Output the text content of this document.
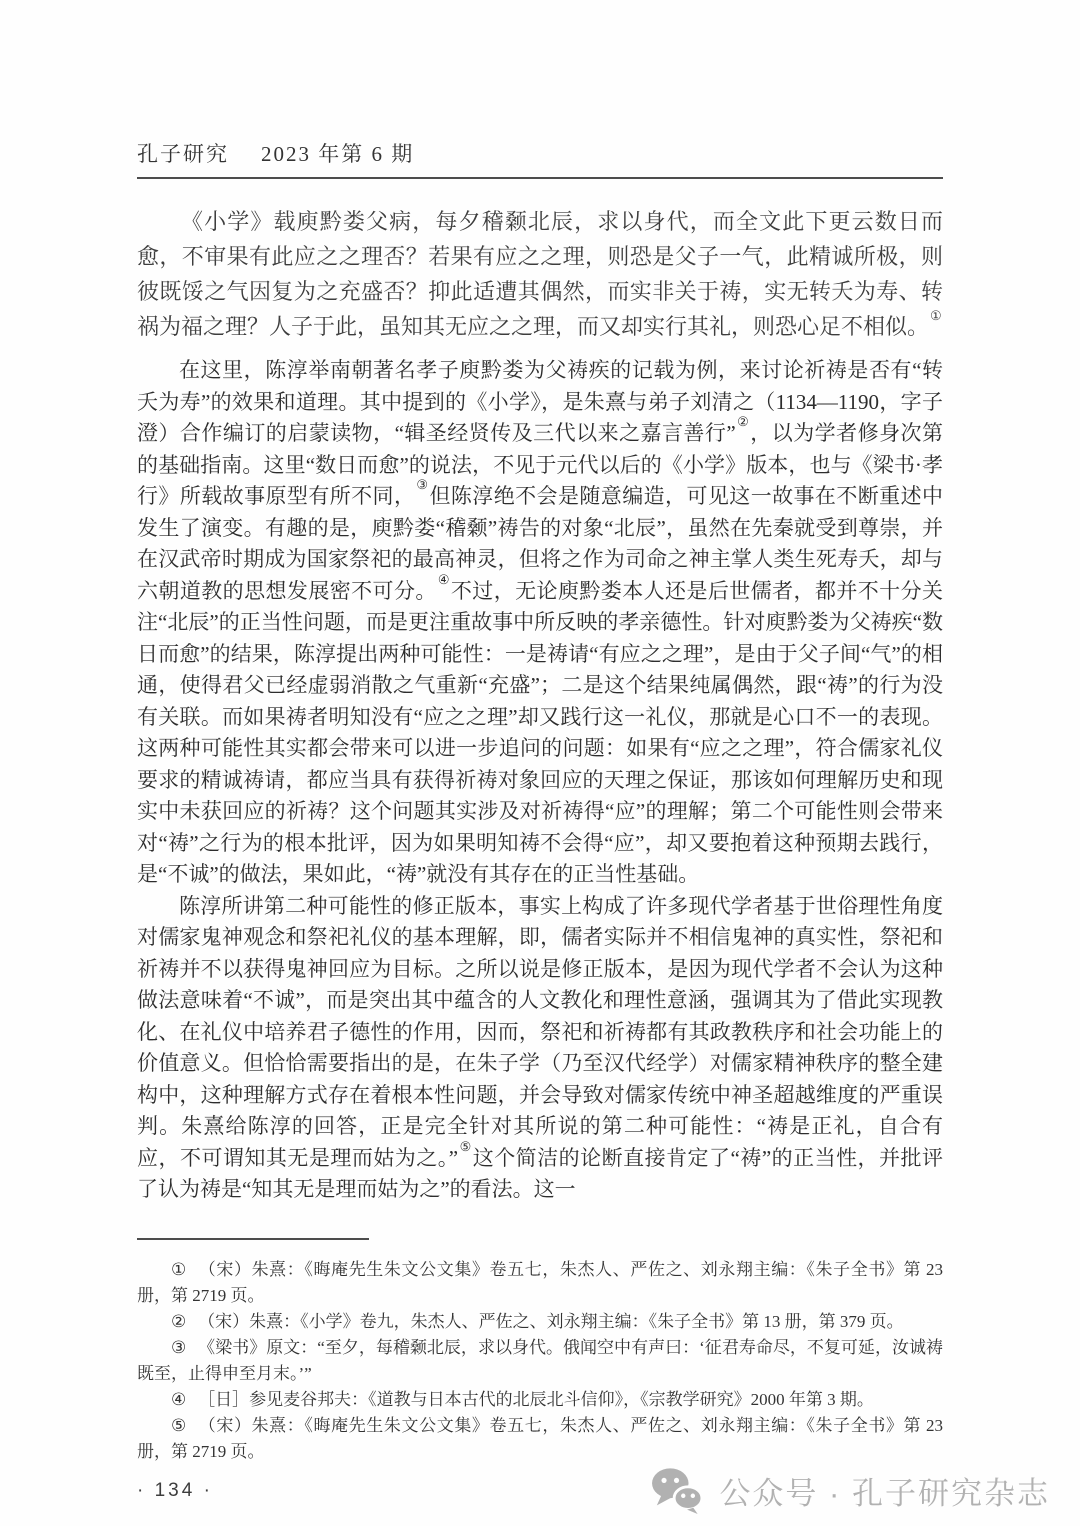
孔子研究 2023 年第 6 期
《小学》载庾黔娄父病，每夕稽颡北辰，求以身代，而全文此下更云数日而愈，不审果有此应之之理否？若果有应之之理，则恐是父子一气，此精诚所极，则彼既馁之气因复为之充盛否？抑此适遭其偶然，而实非关于祷，实无转夭为寿、转祸为福之理？人子于此，虽知其无应之之理，而又却实行其礼，则恐心足不相似。①

在这里，陈淳举南朝著名孝子庾黔娄为父祷疾的记载为例，来讨论祈祷是否有“转夭为寿”的效果和道理。其中提到的《小学》，是朱熹与弟子刘清之（1134—1190，字子澄）合作编订的启蒙读物，“辑圣经贤传及三代以来之嘉言善行”②，以为学者修身次第的基础指南。这里“数日而愈”的说法，不见于元代以后的《小学》版本，也与《梁书·孝行》所载故事原型有所不同，③但陈淳绝不会是随意编造，可见这一故事在不断重述中发生了演变。有趣的是，庾黔娄“稽颡”祷告的对象“北辰”，虽然在先秦就受到尊崇，并在汉武帝时期成为国家祭祀的最高神灵，但将之作为司命之神主掌人类生死寿夭，却与六朝道教的思想发展密不可分。④不过，无论庾黔娄本人还是后世儒者，都并不十分关注“北辰”的正当性问题，而是更注重故事中所反映的孝亲德性。针对庾黔娄为父祷疾“数日而愈”的结果，陈淳提出两种可能性：一是祷请“有应之之理”，是由于父子间“气”的相通，使得君父已经虚弱消散之气重新“充盛”；二是这个结果纯属偶然，跟“祷”的行为没有关联。而如果祷者明知没有“应之之理”却又践行这一礼仪，那就是心口不一的表现。这两种可能性其实都会带来可以进一步追问的问题：如果有“应之之理”，符合儒家礼仪要求的精诚祷请，都应当具有获得祈祷对象回应的天理之保证，那该如何理解历史和现实中未获回应的祈祷？这个问题其实涉及对祈祷得“应”的理解；第二个可能性则会带来对“祷”之行为的根本批评，因为如果明知祷不会得“应”，却又要抱着这种预期去践行，是“不诚”的做法，果如此，“祷”就没有其存在的正当性基础。

陈淳所讲第二种可能性的修正版本，事实上构成了许多现代学者基于世俗理性角度对儒家鬼神观念和祭祀礼仪的基本理解，即，儒者实际并不相信鬼神的真实性，祭祀和祈祷并不以获得鬼神回应为目标。之所以说是修正版本，是因为现代学者不会认为这种做法意味着“不诚”，而是突出其中蕴含的人文教化和理性意涵，强调其为了借此实现教化、在礼仪中培养君子德性的作用，因而，祭祀和祈祷都有其政教秩序和社会功能上的价值意义。但恰恰需要指出的是，在朱子学（乃至汉代经学）对儒家精神秩序的整全建构中，这种理解方式存在着根本性问题，并会导致对儒家传统中神圣超越维度的严重误判。朱熹给陈淳的回答，正是完全针对其所说的第二种可能性：“祷是正礼，自合有应，不可谓知其无是理而姑为之。”⑤这个简洁的论断直接肯定了“祷”的正当性，并批评了认为祷是“知其无是理而姑为之”的看法。这一

① （宋）朱熹：《晦庵先生朱文公文集》卷五七，朱杰人、严佐之、刘永翔主编：《朱子全书》第 23 册，第 2719 页。

② （宋）朱熹：《小学》卷九，朱杰人、严佐之、刘永翔主编：《朱子全书》第 13 册，第 379 页。

③ 《梁书》原文：“至夕，每稽颡北辰，求以身代。俄闻空中有声曰：‘征君寿命尽，不复可延，汝诚祷既至，止得申至月末。’”

④ ［日］参见麦谷邦夫：《道教与日本古代的北辰北斗信仰》，《宗教学研究》2000 年第 3 期。

⑤ （宋）朱熹：《晦庵先生朱文公文集》卷五七，朱杰人、严佐之、刘永翔主编：《朱子全书》第 23 册，第 2719 页。

· 134 ·	公众号 · 孔子研究杂志
